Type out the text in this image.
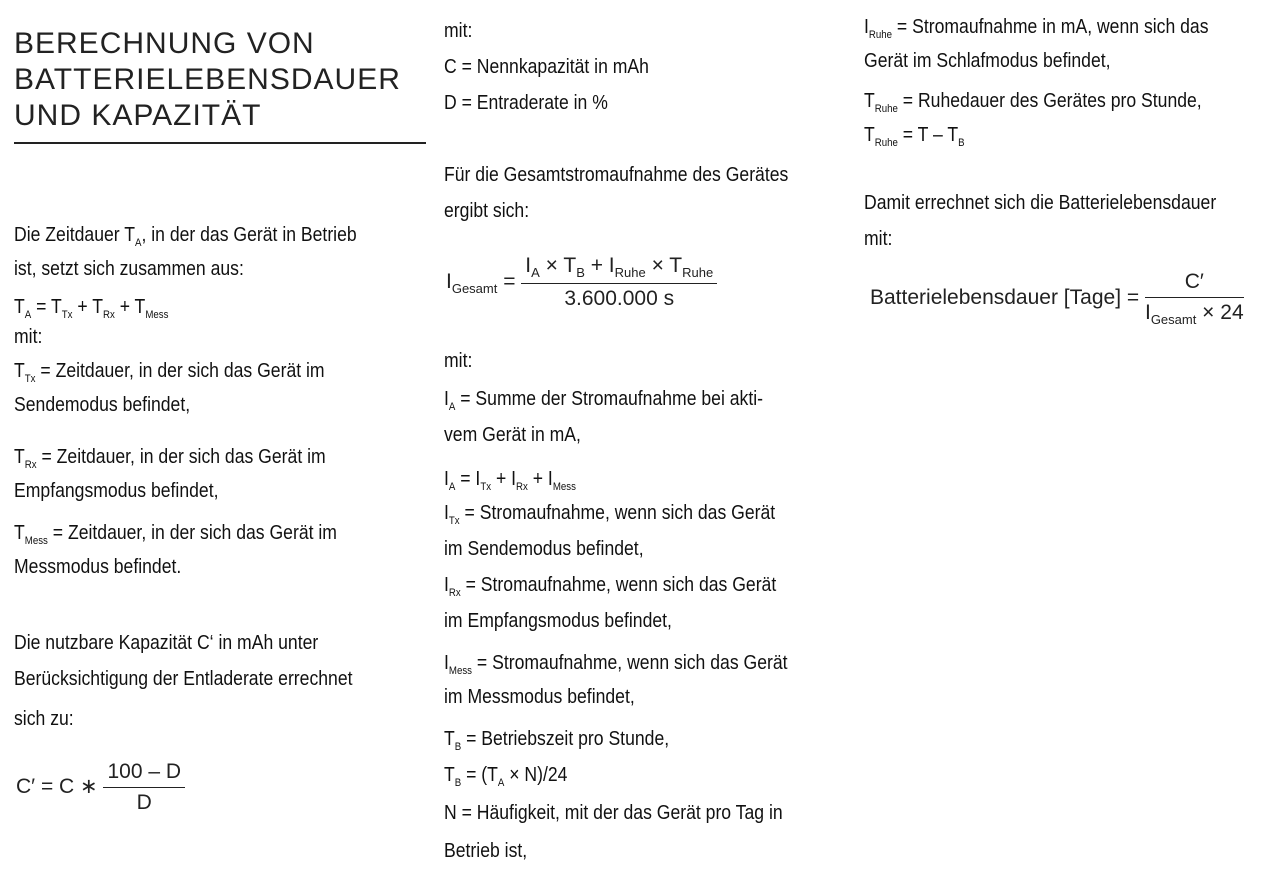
BERECHNUNG VON
BATTERIELEBENSDAUER
UND KAPAZITÄT
Die Zeitdauer $T_A$, in der das Gerät in Betrieb
ist, setzt sich zusammen aus:
$T_A = T_{Tx} + T_{Rx} + T_{Mess}$
mit:
$T_{Tx}$ = Zeitdauer, in der sich das Gerät im
Sendemodus befindet,
$T_{Rx}$ = Zeitdauer, in der sich das Gerät im
Empfangsmodus befindet,
$T_{Mess}$ = Zeitdauer, in der sich das Gerät im
Messmodus befindet.
Die nutzbare Kapazität C‘ in mAh unter
Berücksichtigung der Entladerate errechnet
sich zu:
C′ = C ∗ $\frac{100 - D}{D}$
mit:
C = Nennkapazität in mAh
D = Entraderate in %
Für die Gesamtstromaufnahme des Gerätes
ergibt sich:
$I_{Gesamt} = \frac{I_A \times T_B + I_{Ruhe} \times T_{Ruhe}}{3.600.000 s}$
mit:
$I_A$ = Summe der Stromaufnahme bei akti-
vem Gerät in mA,
$I_A = I_{Tx} + I_{Rx} + I_{Mess}$
$I_{Tx}$ = Stromaufnahme, wenn sich das Gerät
im Sendemodus befindet,
$I_{Rx}$ = Stromaufnahme, wenn sich das Gerät
im Empfangsmodus befindet,
$I_{Mess}$ = Stromaufnahme, wenn sich das Gerät
im Messmodus befindet,
$T_B$ = Betriebszeit pro Stunde,
$T_B = (T_A \times N)/24$
N = Häufigkeit, mit der das Gerät pro Tag in
Betrieb ist,
$I_{Ruhe}$ = Stromaufnahme in mA, wenn sich das
Gerät im Schlafmodus befindet,
$T_{Ruhe}$ = Ruhedauer des Gerätes pro Stunde,
$T_{Ruhe} = T - T_B$
Damit errechnet sich die Batterielebensdauer
mit:
Batterielebensdauer [Tage] = $\frac{C'}{I_{Gesamt} \times 24}$
